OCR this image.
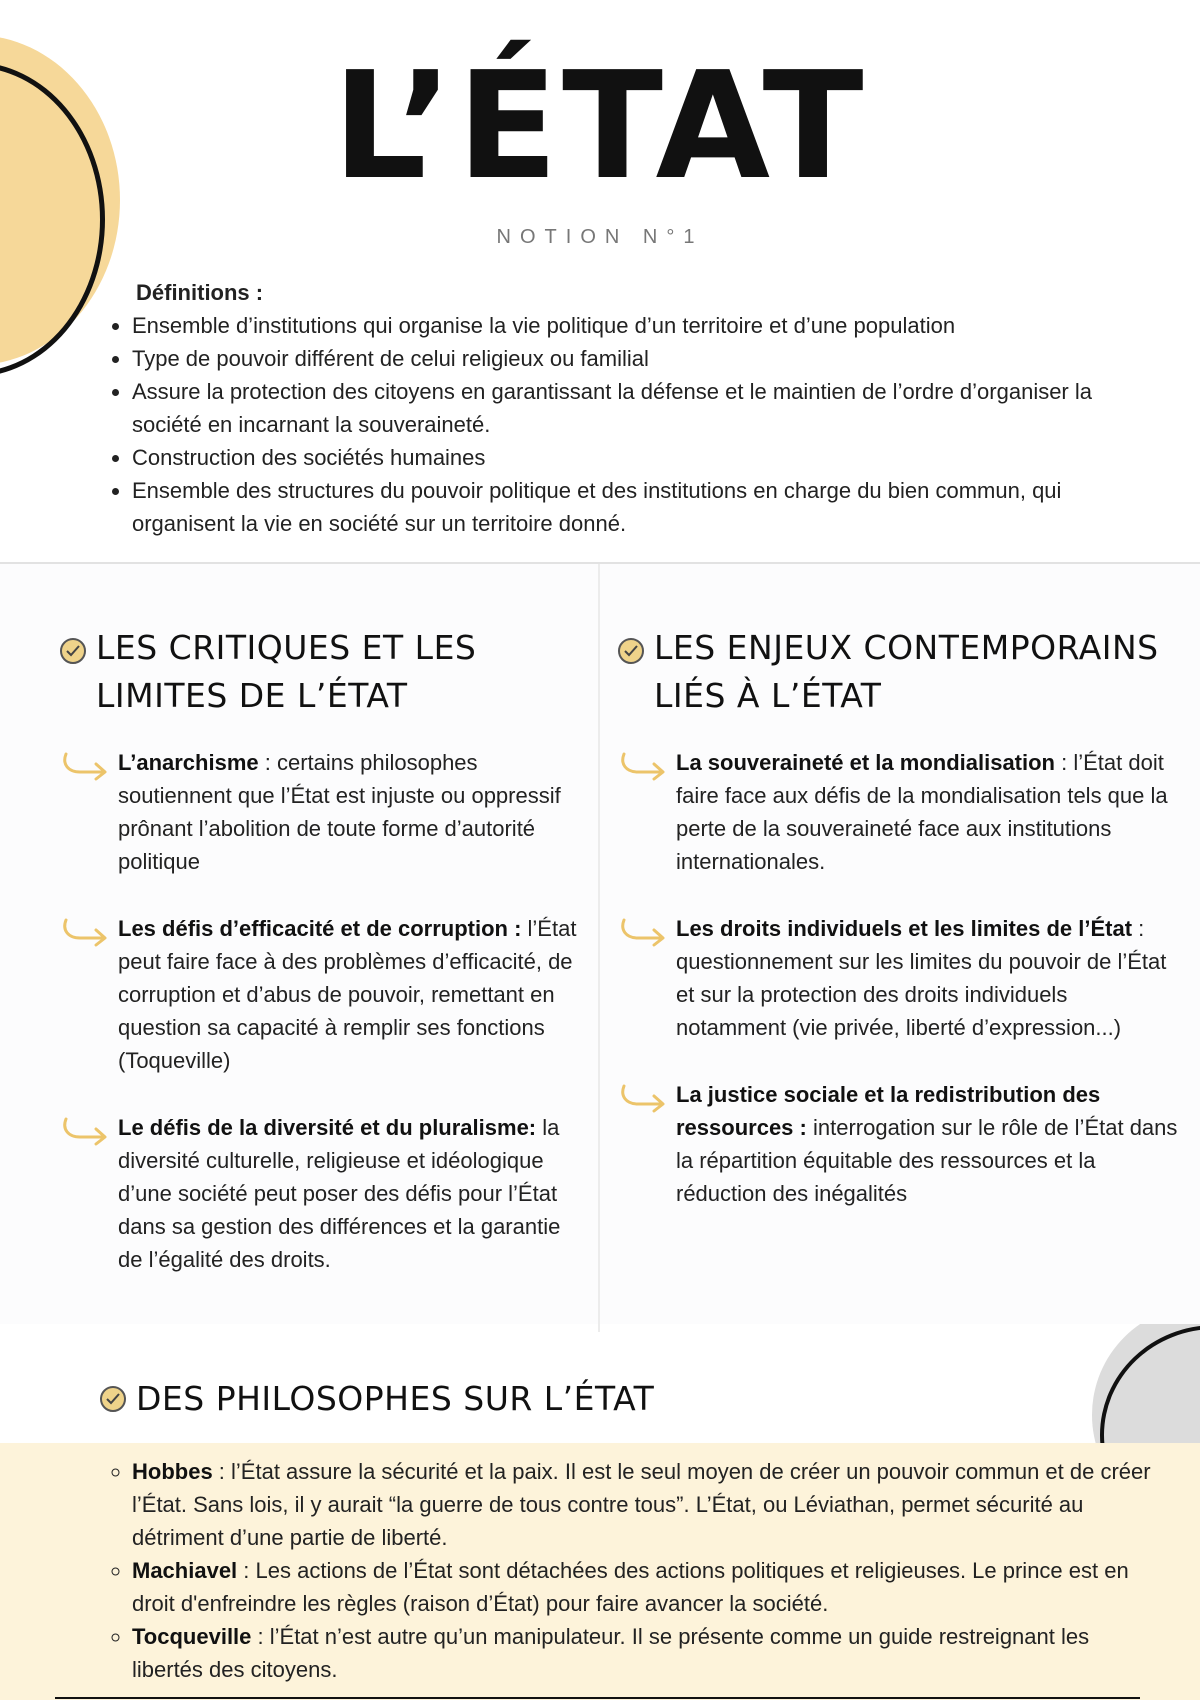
L’ÉTAT
NOTION N°1
Définitions :
• Ensemble d’institutions qui organise la vie politique d’un territoire et d’une population
• Type de pouvoir différent de celui religieux ou familial
• Assure la protection des citoyens en garantissant la défense et le maintien de l’ordre d’organiser la société en incarnant la souveraineté.
• Construction des sociétés humaines
• Ensemble des structures du pouvoir politique et des institutions en charge du bien commun, qui organisent la vie en société sur un territoire donné.
LES CRITIQUES ET LES LIMITES DE L’ÉTAT
L’anarchisme : certains philosophes soutiennent que l’État est injuste ou oppressif prônant l’abolition de toute forme d’autorité politique
Les défis d’efficacité et de corruption : l’État peut faire face à des problèmes d’efficacité, de corruption et d’abus de pouvoir, remettant en question sa capacité à remplir ses fonctions (Toqueville)
Le défis de la diversité et du pluralisme: la diversité culturelle, religieuse et idéologique d’une société peut poser des défis pour l’État dans sa gestion des différences et la garantie de l’égalité des droits.
LES ENJEUX CONTEMPORAINS LIÉS À L’ÉTAT
La souveraineté et la mondialisation : l’État doit faire face aux défis de la mondialisation tels que la perte de la souveraineté face aux institutions internationales.
Les droits individuels et les limites de l’État : questionnement sur les limites du pouvoir de l’État et sur la protection des droits individuels notamment (vie privée, liberté d’expression...)
La justice sociale et la redistribution des ressources : interrogation sur le rôle de l’État dans la répartition équitable des ressources et la réduction des inégalités
DES PHILOSOPHES SUR L’ÉTAT
◦ Hobbes : l’État assure la sécurité et la paix. Il est le seul moyen de créer un pouvoir commun et de créer l’État. Sans lois, il y aurait “la guerre de tous contre tous”. L’État, ou Léviathan, permet sécurité au détriment d’une partie de liberté.
◦ Machiavel : Les actions de l’État sont détachées des actions politiques et religieuses. Le prince est en droit d'enfreindre les règles (raison d’État) pour faire avancer la société.
◦ Tocqueville : l’État n’est autre qu’un manipulateur. Il se présente comme un guide restreignant les libertés des citoyens.
